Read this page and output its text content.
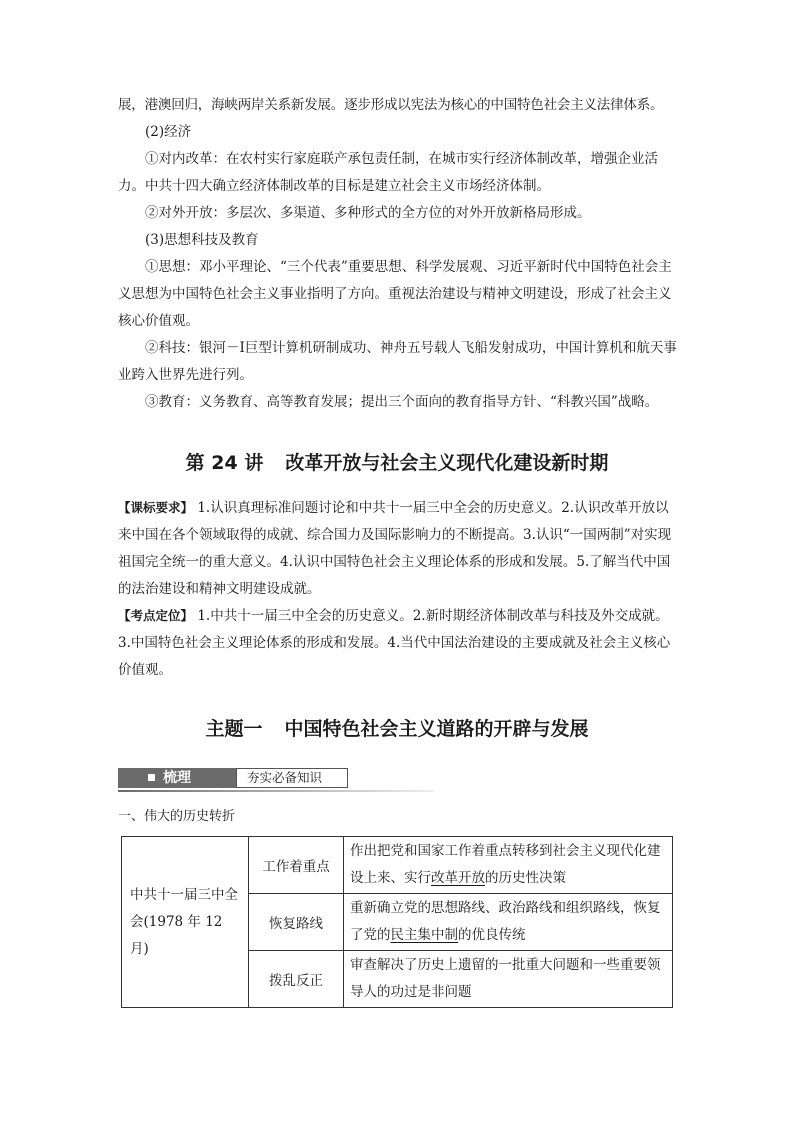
展，港澳回归，海峡两岸关系新发展。逐步形成以宪法为核心的中国特色社会主义法律体系。

(2)经济

①对内改革：在农村实行家庭联产承包责任制，在城市实行经济体制改革，增强企业活力。中共十四大确立经济体制改革的目标是建立社会主义市场经济体制。

②对外开放：多层次、多渠道、多种形式的全方位的对外开放新格局形成。

(3)思想科技及教育

①思想：邓小平理论、“三个代表”重要思想、科学发展观、习近平新时代中国特色社会主义思想为中国特色社会主义事业指明了方向。重视法治建设与精神文明建设，形成了社会主义核心价值观。

②科技：银河－Ⅰ巨型计算机研制成功、神舟五号载人飞船发射成功，中国计算机和航天事业跨入世界先进行列。

③教育：义务教育、高等教育发展；提出三个面向的教育指导方针、“科教兴国”战略。

第 24 讲 改革开放与社会主义现代化建设新时期

【课标要求】 1.认识真理标准问题讨论和中共十一届三中全会的历史意义。2.认识改革开放以来中国在各个领域取得的成就、综合国力及国际影响力的不断提高。3.认识“一国两制”对实现祖国完全统一的重大意义。4.认识中国特色社会主义理论体系的形成和发展。5.了解当代中国的法治建设和精神文明建设成就。

【考点定位】 1.中共十一届三中全会的历史意义。2.新时期经济体制改革与科技及外交成就。3.中国特色社会主义理论体系的形成和发展。4.当代中国法治建设的主要成就及社会主义核心价值观。

主题一 中国特色社会主义道路的开辟与发展
梳理	夯实必备知识

一、伟大的历史转折

中共十一届三中全会(1978 年 12 月)	工作着重点	作出把党和国家工作着重点转移到社会主义现代化建设上来、实行改革开放的历史性决策
	恢复路线	重新确立党的思想路线、政治路线和组织路线，恢复了党的民主集中制的优良传统
	拨乱反正	审查解决了历史上遗留的一批重大问题和一些重要领导人的功过是非问题
